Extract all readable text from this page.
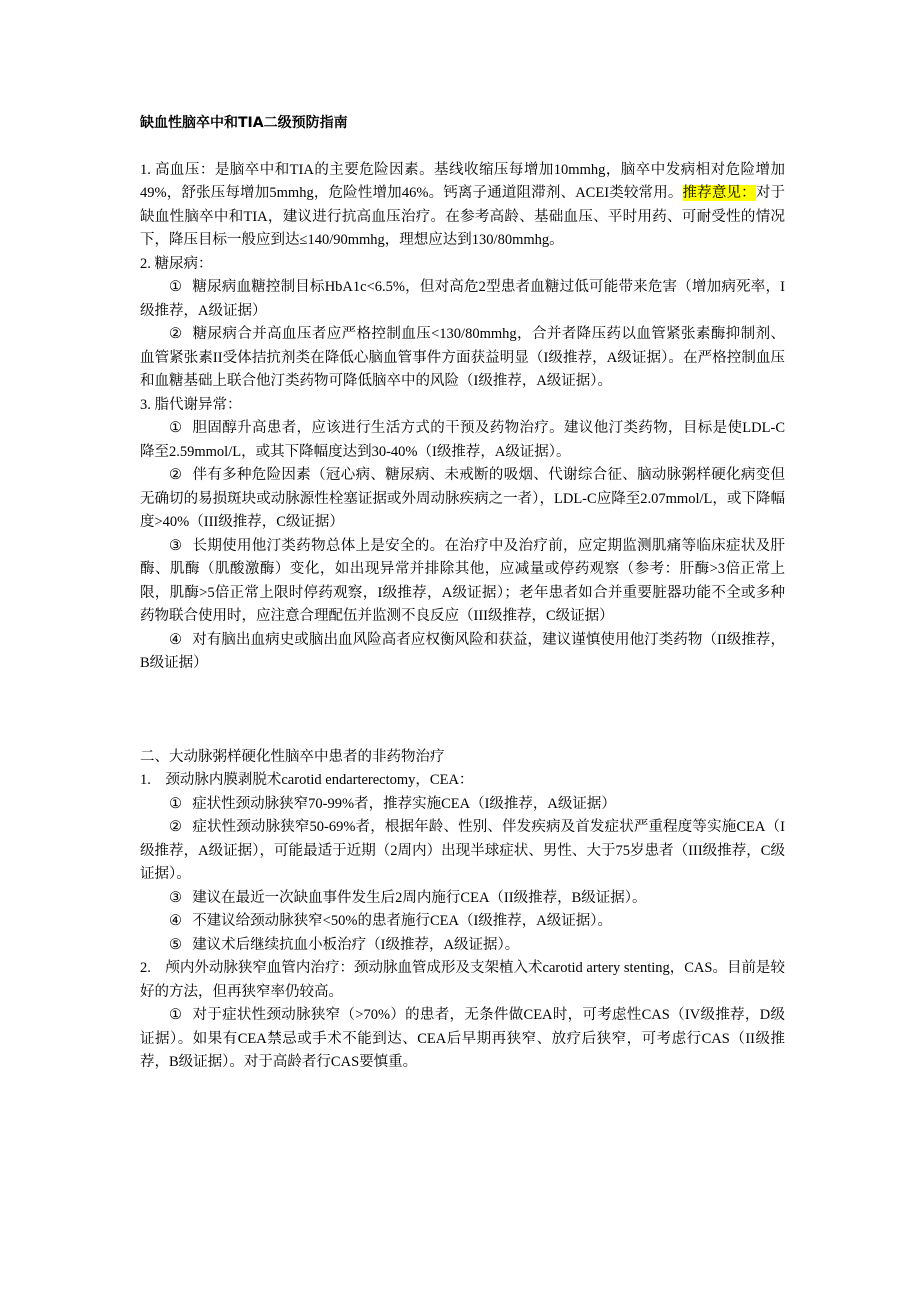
缺血性脑卒中和TIA二级预防指南

1. 高血压：是脑卒中和TIA的主要危险因素。基线收缩压每增加10mmhg，脑卒中发病相对危险增加49%，舒张压每增加5mmhg，危险性增加46%。钙离子通道阻滞剂、ACEI类较常用。推荐意见：对于缺血性脑卒中和TIA，建议进行抗高血压治疗。在参考高龄、基础血压、平时用药、可耐受性的情况下，降压目标一般应到达≤140/90mmhg，理想应达到130/80mmhg。

2. 糖尿病：

① 糖尿病血糖控制目标HbA1c<6.5%，但对高危2型患者血糖过低可能带来危害（增加病死率，I级推荐，A级证据）

② 糖尿病合并高血压者应严格控制血压<130/80mmhg，合并者降压药以血管紧张素酶抑制剂、血管紧张素II受体拮抗剂类在降低心脑血管事件方面获益明显（I级推荐，A级证据）。在严格控制血压和血糖基础上联合他汀类药物可降低脑卒中的风险（I级推荐，A级证据）。

3. 脂代谢异常：

① 胆固醇升高患者，应该进行生活方式的干预及药物治疗。建议他汀类药物，目标是使LDL-C降至2.59mmol/L，或其下降幅度达到30-40%（I级推荐，A级证据）。

② 伴有多种危险因素（冠心病、糖尿病、未戒断的吸烟、代谢综合征、脑动脉粥样硬化病变但无确切的易损斑块或动脉源性栓塞证据或外周动脉疾病之一者），LDL-C应降至2.07mmol/L，或下降幅度>40%（III级推荐，C级证据）

③ 长期使用他汀类药物总体上是安全的。在治疗中及治疗前，应定期监测肌痛等临床症状及肝酶、肌酶（肌酸激酶）变化，如出现异常并排除其他，应减量或停药观察（参考：肝酶>3倍正常上限，肌酶>5倍正常上限时停药观察，I级推荐，A级证据）；老年患者如合并重要脏器功能不全或多种药物联合使用时，应注意合理配伍并监测不良反应（III级推荐，C级证据）

④ 对有脑出血病史或脑出血风险高者应权衡风险和获益，建议谨慎使用他汀类药物（II级推荐，B级证据）

二、大动脉粥样硬化性脑卒中患者的非药物治疗

1.　颈动脉内膜剥脱术carotid endarterectomy，CEA：

① 症状性颈动脉狭窄70-99%者，推荐实施CEA（I级推荐，A级证据）

② 症状性颈动脉狭窄50-69%者，根据年龄、性别、伴发疾病及首发症状严重程度等实施CEA（I级推荐，A级证据），可能最适于近期（2周内）出现半球症状、男性、大于75岁患者（III级推荐，C级证据）。

③ 建议在最近一次缺血事件发生后2周内施行CEA（II级推荐，B级证据）。

④ 不建议给颈动脉狭窄<50%的患者施行CEA（I级推荐，A级证据）。

⑤ 建议术后继续抗血小板治疗（I级推荐，A级证据）。

2.　颅内外动脉狭窄血管内治疗：颈动脉血管成形及支架植入术carotid artery stenting，CAS。目前是较好的方法，但再狭窄率仍较高。

① 对于症状性颈动脉狭窄（>70%）的患者，无条件做CEA时，可考虑性CAS（IV级推荐，D级证据）。如果有CEA禁忌或手术不能到达、CEA后早期再狭窄、放疗后狭窄，可考虑行CAS（II级推荐，B级证据）。对于高龄者行CAS要慎重。
